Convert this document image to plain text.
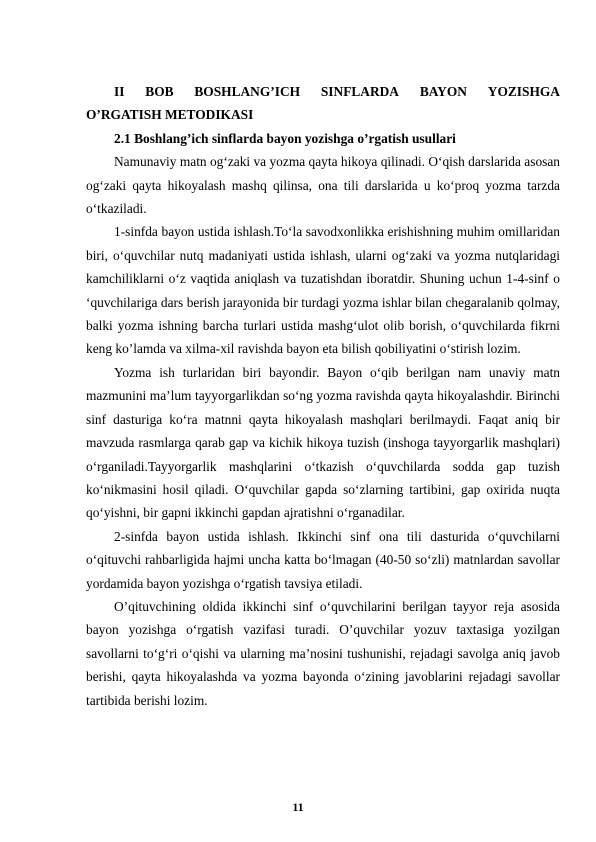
II BOB BOSHLANG’ICH SINFLARDA BAYON YOZISHGA
O’RGATISH METODIKASI
2.1 Boshlang’ich sinflarda bayon yozishga o’rgatish usullari

Namunaviy matn og‘zaki va yozma qayta hikoya qilinadi. O‘qish darslarida asosan og‘zaki qayta hikoyalash mashq qilinsa, ona tili darslarida u ko‘proq yozma tarzda o‘tkaziladi.

1-sinfda bayon ustida ishlash.To‘la savodxonlikka erishishning muhim omillaridan biri, o‘quvchilar nutq madaniyati ustida ishlash, ularni og‘zaki va yozma nutqlaridagi kamchiliklarni o‘z vaqtida aniqlash va tuzatishdan iboratdir. Shuning uchun 1-4-sinf o ‘quvchilariga dars berish jarayonida bir turdagi yozma ishlar bilan chegaralanib qolmay, balki yozma ishning barcha turlari ustida mashg‘ulot olib borish, o‘quvchilarda fikrni keng ko’lamda va xilma-xil ravishda bayon eta bilish qobiliyatini o‘stirish lozim.

Yozma ish turlaridan biri bayondir. Bayon o‘qib berilgan nam unaviy matn mazmunini ma’lum tayyorgarlikdan so‘ng yozma ravishda qayta hikoyalashdir. Birinchi sinf dasturiga ko‘ra matnni qayta hikoyalash mashqlari berilmaydi. Faqat aniq bir mavzuda rasmlarga qarab gap va kichik hikoya tuzish (inshoga tayyorgarlik mashqlari) o‘rganiladi.Tayyorgarlik mashqlarini o‘tkazish o‘quvchilarda sodda gap tuzish ko‘nikmasini hosil qiladi. O‘quvchilar gapda so‘zlarning tartibini, gap oxirida nuqta qo‘yishni, bir gapni ikkinchi gapdan ajratishni o‘rganadilar.

2-sinfda bayon ustida ishlash. Ikkinchi sinf ona tili dasturida o‘quvchilarni o‘qituvchi rahbarligida hajmi uncha katta bo‘lmagan (40-50 so‘zli) matnlardan savollar yordamida bayon yozishga o‘rgatish tavsiya etiladi.

O’qituvchining oldida ikkinchi sinf o‘quvchilarini berilgan tayyor reja asosida bayon yozishga o‘rgatish vazifasi turadi. O’quvchilar yozuv taxtasiga yozilgan savollarni to‘g‘ri o‘qishi va ularning ma’nosini tushunishi, rejadagi savolga aniq javob berishi, qayta hikoyalashda va yozma bayonda o‘zining javoblarini rejadagi savollar tartibida berishi lozim.

11
